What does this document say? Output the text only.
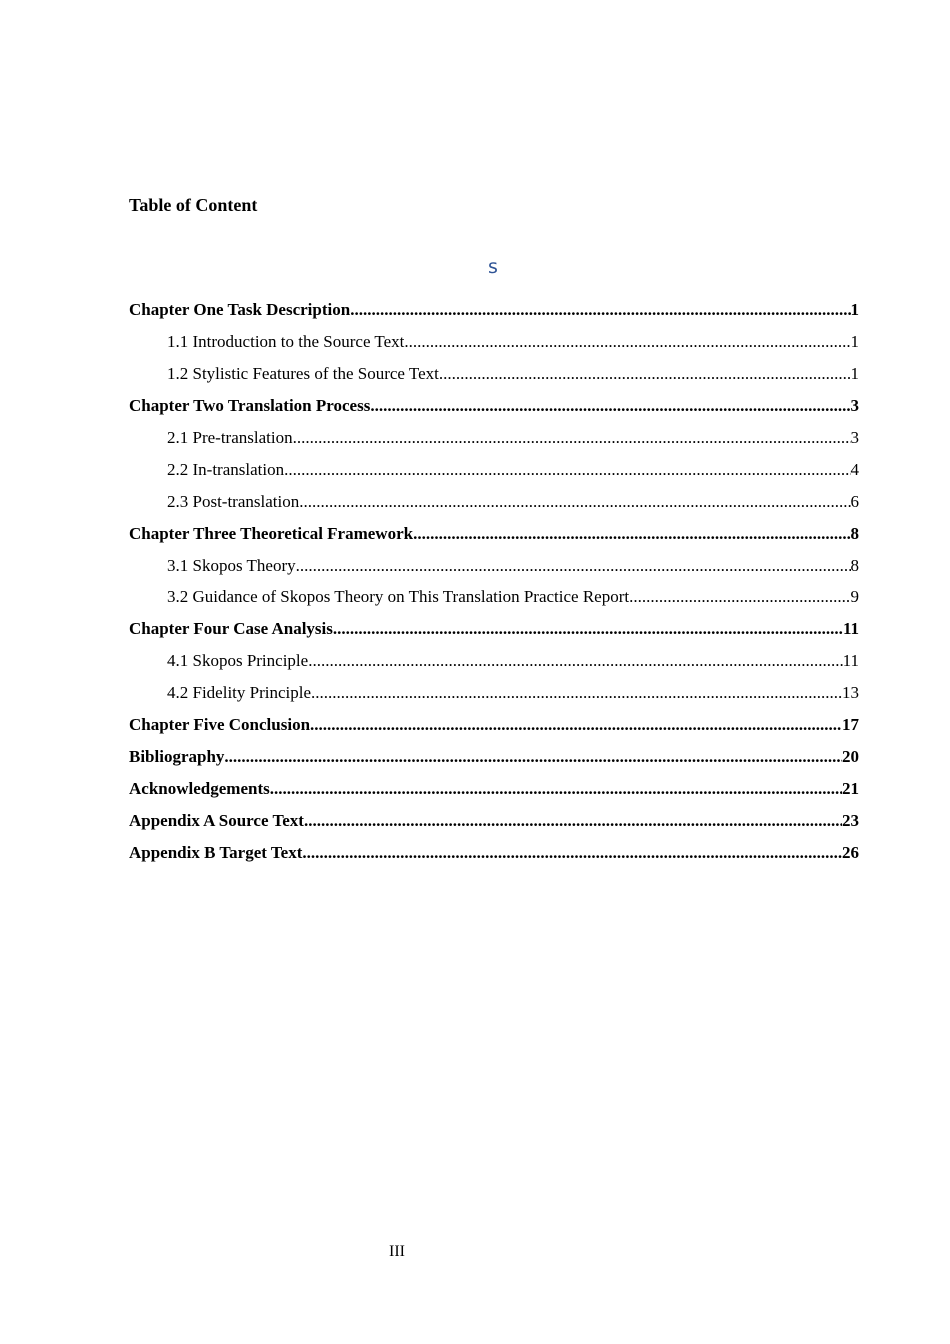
Table of Content
s
Chapter One Task Description .....	1
1.1 Introduction to the Source Text .....	1
1.2 Stylistic Features of the Source Text .....	1
Chapter Two Translation Process .....	3
2.1 Pre-translation .....	3
2.2 In-translation .....	4
2.3 Post-translation .....	6
Chapter Three Theoretical Framework .....	8
3.1 Skopos Theory .....	8
3.2 Guidance of Skopos Theory on This Translation Practice Report .....	9
Chapter Four Case Analysis .....	11
4.1 Skopos Principle .....	11
4.2 Fidelity Principle .....	13
Chapter Five Conclusion .....	17
Bibliography .....	20
Acknowledgements .....	21
Appendix A Source Text .....	23
Appendix B Target Text .....	26
III
